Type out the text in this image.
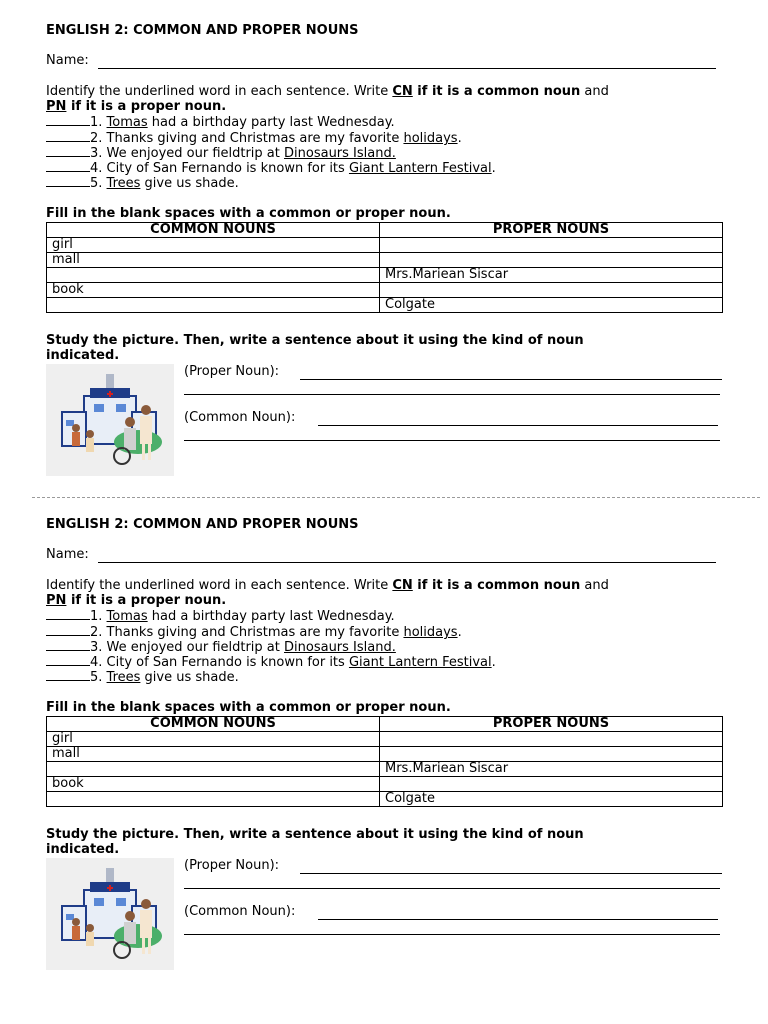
ENGLISH 2: COMMON AND PROPER NOUNS
Name:
Identify the underlined word in each sentence. Write CN if it is a common noun and
PN if it is a proper noun.
1. Tomas had a birthday party last Wednesday.
2. Thanks giving and Christmas are my favorite holidays.
3. We enjoyed our fieldtrip at Dinosaurs Island.
4. City of San Fernando is known for its Giant Lantern Festival.
5. Trees give us shade.
Fill in the blank spaces with a common or proper noun.
COMMON NOUNS	PROPER NOUNS
girl	
mall	
	Mrs.Mariean Siscar
book	
	Colgate
Study the picture. Then, write a sentence about it using the kind of noun
indicated.
(Proper Noun):
(Common Noun):
ENGLISH 2: COMMON AND PROPER NOUNS
Name:
Identify the underlined word in each sentence. Write CN if it is a common noun and
PN if it is a proper noun.
1. Tomas had a birthday party last Wednesday.
2. Thanks giving and Christmas are my favorite holidays.
3. We enjoyed our fieldtrip at Dinosaurs Island.
4. City of San Fernando is known for its Giant Lantern Festival.
5. Trees give us shade.
Fill in the blank spaces with a common or proper noun.
COMMON NOUNS	PROPER NOUNS
girl	
mall	
	Mrs.Mariean Siscar
book	
	Colgate
Study the picture. Then, write a sentence about it using the kind of noun
indicated.
(Proper Noun):
(Common Noun):
